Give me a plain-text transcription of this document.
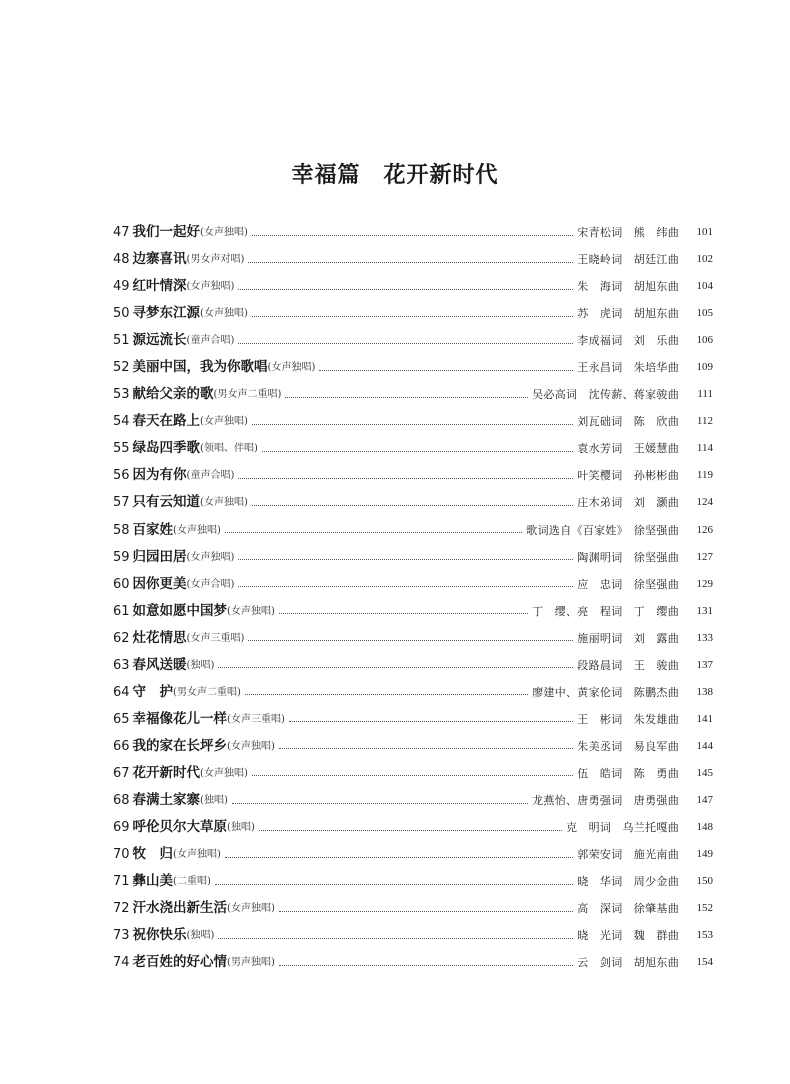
幸福篇　花开新时代
47 我们一起好 (女声独唱)	宋青松词　熊　纬曲	101
48 边寨喜讯 (男女声对唱)	王晓岭词　胡廷江曲	102
49 红叶情深 (女声独唱)	朱　海词　胡旭东曲	104
50 寻梦东江源 (女声独唱)	苏　虎词　胡旭东曲	105
51 源远流长 (童声合唱)	李成福词　刘　乐曲	106
52 美丽中国，我为你歌唱 (女声独唱)	王永昌词　朱培华曲	109
53 献给父亲的歌 (男女声二重唱)	吴必高词　沈传薪、蒋家骏曲	111
54 春天在路上 (女声独唱)	刘瓦础词　陈　欣曲	112
55 绿岛四季歌 (领唱、伴唱)	袁水芳词　王媛慧曲	114
56 因为有你 (童声合唱)	叶笑樱词　孙彬彬曲	119
57 只有云知道 (女声独唱)	庄木弟词　刘　灏曲	124
58 百家姓 (女声独唱)	歌词选自《百家姓》　徐坚强曲	126
59 归园田居 (女声独唱)	陶渊明词　徐坚强曲	127
60 因你更美 (女声合唱)	应　忠词　徐坚强曲	129
61 如意如愿中国梦 (女声独唱)	丁　缨、亮　程词　丁　缨曲	131
62 灶花情思 (女声三重唱)	施丽明词　刘　露曲	133
63 春风送暖 (独唱)	段路晨词　王　骏曲	137
64 守　护 (男女声二重唱)	廖建中、黄家伦词　陈鹏杰曲	138
65 幸福像花儿一样 (女声三重唱)	王　彬词　朱发雄曲	141
66 我的家在长坪乡 (女声独唱)	朱美丞词　易良军曲	144
67 花开新时代 (女声独唱)	伍　皓词　陈　勇曲	145
68 春满土家寨 (独唱)	龙燕怡、唐勇强词　唐勇强曲	147
69 呼伦贝尔大草原 (独唱)	克　明词　乌兰托嘎曲	148
70 牧　归 (女声独唱)	郭荣安词　施光南曲	149
71 彝山美 (二重唱)	晓　华词　周少金曲	150
72 汗水浇出新生活 (女声独唱)	高　深词　徐肇基曲	152
73 祝你快乐 (独唱)	晓　光词　魏　群曲	153
74 老百姓的好心情 (男声独唱)	云　剑词　胡旭东曲	154
